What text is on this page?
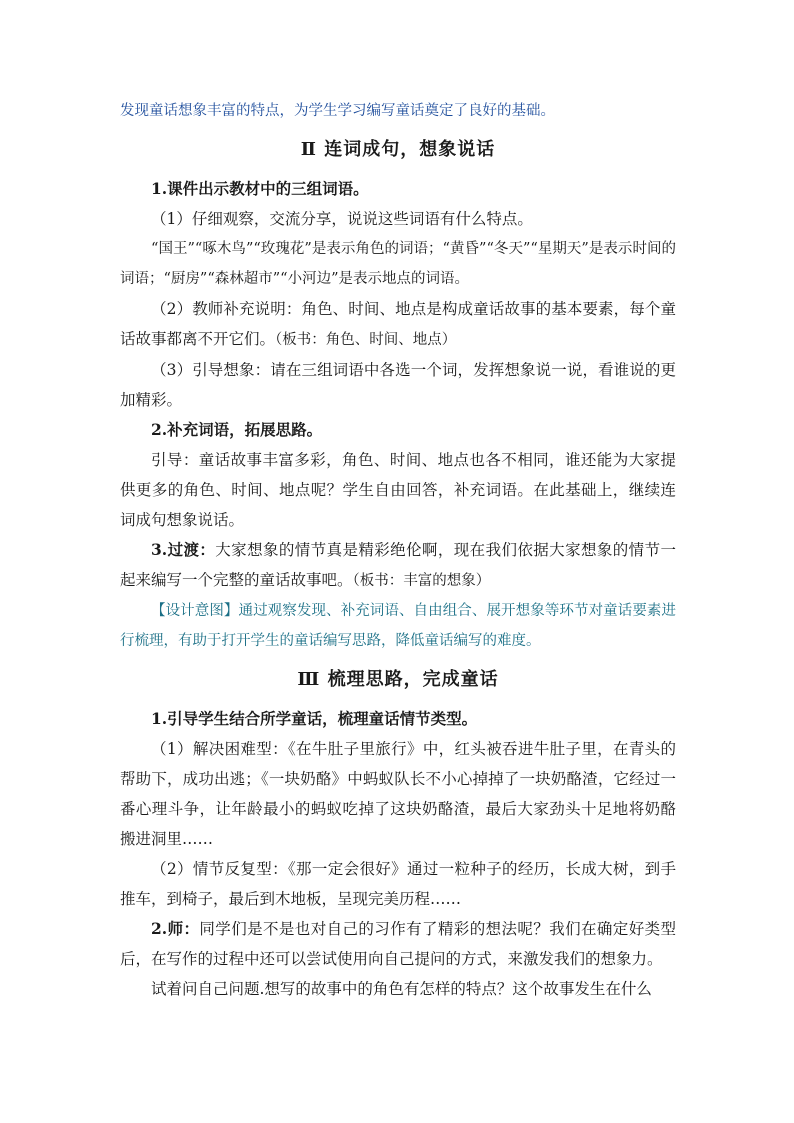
发现童话想象丰富的特点，为学生学习编写童话奠定了良好的基础。

Ⅱ 连词成句，想象说话

1.课件出示教材中的三组词语。

（1）仔细观察，交流分享，说说这些词语有什么特点。

“国王”“啄木鸟”“玫瑰花”是表示角色的词语；“黄昏”“冬天”“星期天”是表示时间的词语；“厨房”“森林超市”“小河边”是表示地点的词语。

（2）教师补充说明：角色、时间、地点是构成童话故事的基本要素，每个童话故事都离不开它们。（板书：角色、时间、地点）

（3）引导想象：请在三组词语中各选一个词，发挥想象说一说，看谁说的更加精彩。

2.补充词语，拓展思路。

引导：童话故事丰富多彩，角色、时间、地点也各不相同，谁还能为大家提供更多的角色、时间、地点呢？学生自由回答，补充词语。在此基础上，继续连词成句想象说话。

3.过渡：大家想象的情节真是精彩绝伦啊，现在我们依据大家想象的情节一起来编写一个完整的童话故事吧。（板书：丰富的想象）

【设计意图】通过观察发现、补充词语、自由组合、展开想象等环节对童话要素进行梳理，有助于打开学生的童话编写思路，降低童话编写的难度。

Ⅲ 梳理思路，完成童话

1.引导学生结合所学童话，梳理童话情节类型。

（1）解决困难型：《在牛肚子里旅行》中，红头被吞进牛肚子里，在青头的帮助下，成功出逃；《一块奶酪》中蚂蚁队长不小心掉掉了一块奶酪渣，它经过一番心理斗争，让年龄最小的蚂蚁吃掉了这块奶酪渣，最后大家劲头十足地将奶酪搬进洞里……

（2）情节反复型：《那一定会很好》通过一粒种子的经历，长成大树，到手推车，到椅子，最后到木地板，呈现完美历程……

2.师：同学们是不是也对自己的习作有了精彩的想法呢？我们在确定好类型后，在写作的过程中还可以尝试使用向自己提问的方式，来激发我们的想象力。

试着问自己问题.想写的故事中的角色有怎样的特点？这个故事发生在什么
